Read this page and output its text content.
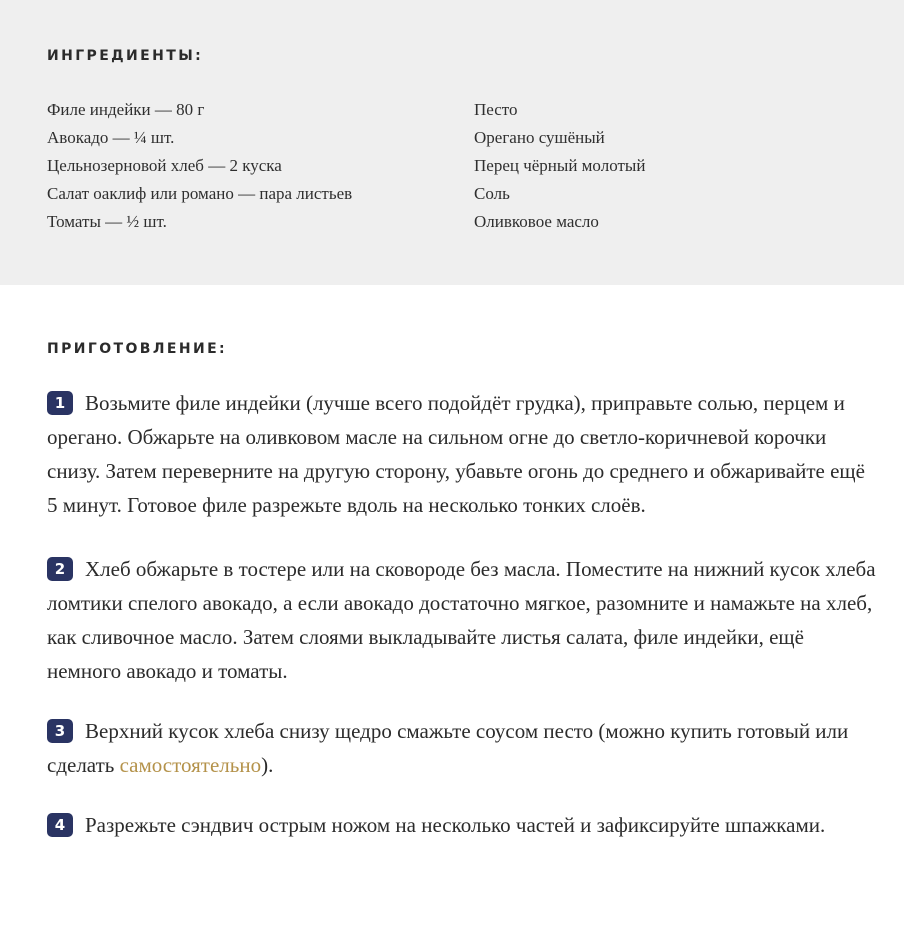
ИНГРЕДИЕНТЫ:
Филе индейки — 80 г
Авокадо — ¼ шт.
Цельнозерновой хлеб — 2 куска
Салат оаклиф или романо — пара листьев
Томаты — ½ шт.
Песто
Орегано сушёный
Перец чёрный молотый
Соль
Оливковое масло
ПРИГОТОВЛЕНИЕ:

1 Возьмите филе индейки (лучше всего подойдёт грудка), приправьте солью, перцем и орегано. Обжарьте на оливковом масле на сильном огне до светло-коричневой корочки снизу. Затем переверните на другую сторону, убавьте огонь до среднего и обжаривайте ещё 5 минут. Готовое филе разрежьте вдоль на несколько тонких слоёв.

2 Хлеб обжарьте в тостере или на сковороде без масла. Поместите на нижний кусок хлеба ломтики спелого авокадо, а если авокадо достаточно мягкое, разомните и намажьте на хлеб, как сливочное масло. Затем слоями выкладывайте листья салата, филе индейки, ещё немного авокадо и томаты.

3 Верхний кусок хлеба снизу щедро смажьте соусом песто (можно купить готовый или сделать самостоятельно).

4 Разрежьте сэндвич острым ножом на несколько частей и зафиксируйте шпажками.
